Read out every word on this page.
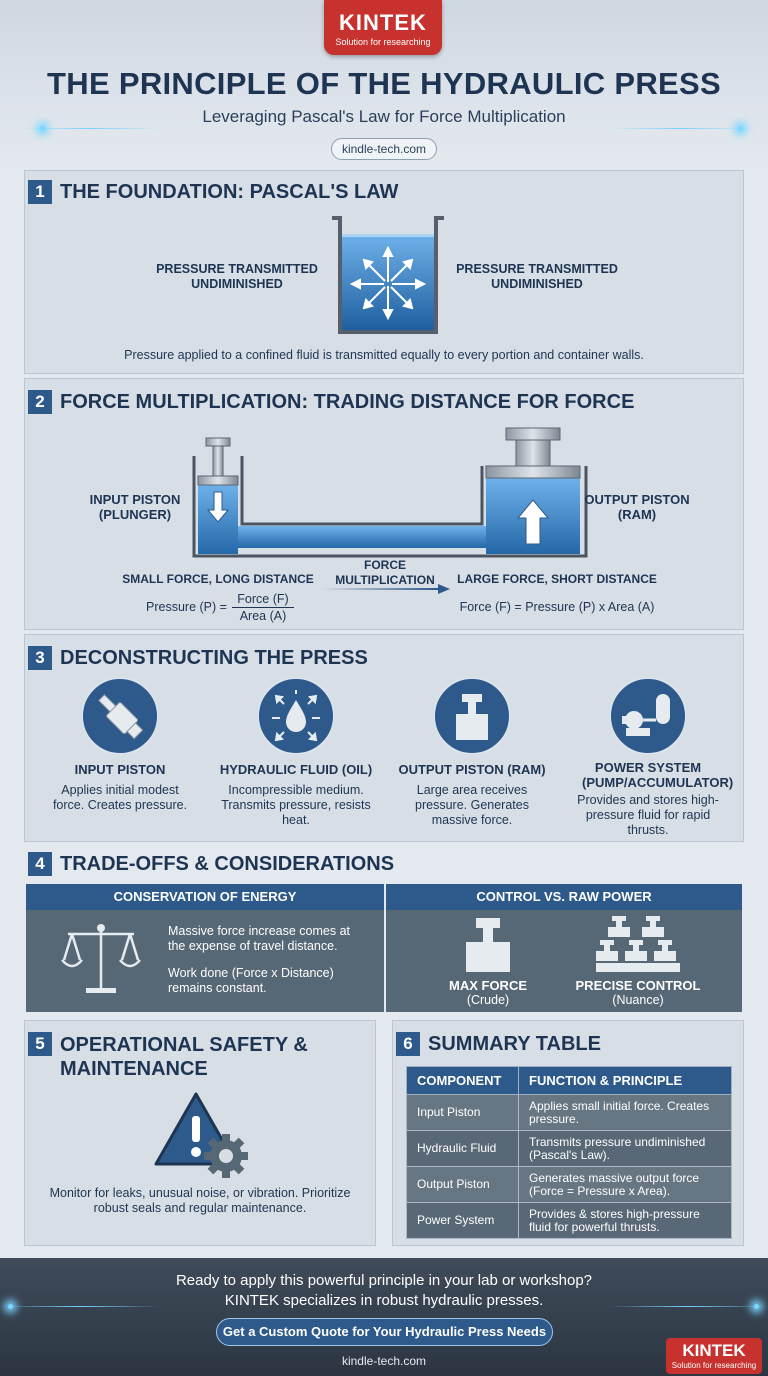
KINTEK
Solution for researching
THE PRINCIPLE OF THE HYDRAULIC PRESS
Leveraging Pascal's Law for Force Multiplication
kindle-tech.com
1 THE FOUNDATION: PASCAL'S LAW
PRESSURE TRANSMITTED UNDIMINISHED
PRESSURE TRANSMITTED UNDIMINISHED
Pressure applied to a confined fluid is transmitted equally to every portion and container walls.
2 FORCE MULTIPLICATION: TRADING DISTANCE FOR FORCE
INPUT PISTON (PLUNGER)
OUTPUT PISTON (RAM)
SMALL FORCE, LONG DISTANCE
FORCE MULTIPLICATION	LARGE FORCE, SHORT DISTANCE
Pressure (P) =
Force (F)
Area (A)
Force (F) = Pressure (P) x Area (A)
3 DECONSTRUCTING THE PRESS
INPUT PISTON
Applies initial modest force. Creates pressure.
HYDRAULIC FLUID (OIL)
Incompressible medium. Transmits pressure, resists heat.
OUTPUT PISTON (RAM)
Large area receives pressure. Generates massive force.
POWER SYSTEM (PUMP/ACCUMULATOR)
Provides and stores high-pressure fluid for rapid thrusts.
4 TRADE-OFFS & CONSIDERATIONS
CONSERVATION OF ENERGY
Massive force increase comes at the expense of travel distance.
Work done (Force x Distance) remains constant.
CONTROL VS. RAW POWER
MAX FORCE
(Crude)
PRECISE CONTROL
(Nuance)
5 OPERATIONAL SAFETY &
MAINTENANCE
Monitor for leaks, unusual noise, or vibration. Prioritize robust seals and regular maintenance.
6 SUMMARY TABLE
COMPONENT	FUNCTION & PRINCIPLE
Input Piston	Applies small initial force. Creates pressure.
Hydraulic Fluid	Transmits pressure undiminished (Pascal's Law).
Output Piston	Generates massive output force (Force = Pressure x Area).
Power System	Provides & stores high-pressure fluid for powerful thrusts.
Ready to apply this powerful principle in your lab or workshop?
KINTEK specializes in robust hydraulic presses.
Get a Custom Quote for Your Hydraulic Press Needs
kindle-tech.com
KINTEK
Solution for researching
